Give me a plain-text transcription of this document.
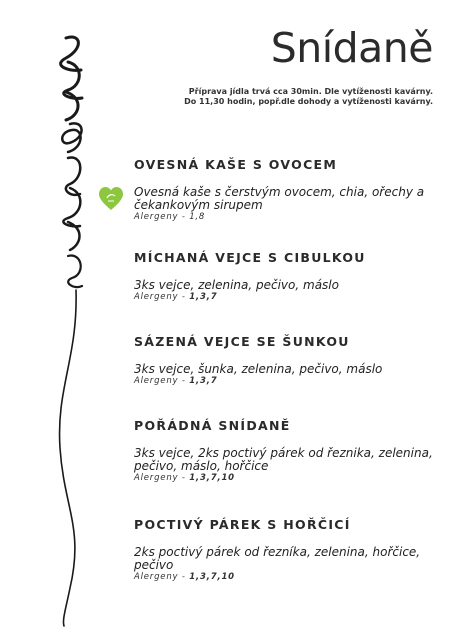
Snídaně
Příprava jídla trvá cca 30min. Dle vytíženosti kavárny.
Do 11,30 hodin, popř.dle dohody a vytíženosti kavárny.

OVESNÁ KAŠE S OVOCEM

Ovesná kaše s čerstvým ovocem, chia, ořechy a čekankovým sirupem

Alergeny - 1,8

MÍCHANÁ VEJCE S CIBULKOU

3ks vejce, zelenina, pečivo, máslo

Alergeny - 1,3,7

SÁZENÁ VEJCE SE ŠUNKOU

3ks vejce, šunka, zelenina, pečivo, máslo

Alergeny - 1,3,7

POŘÁDNÁ SNÍDANĚ

3ks vejce, 2ks poctivý párek od řeznika, zelenina, pečivo, máslo, hořčice

Alergeny - 1,3,7,10

POCTIVÝ PÁREK S HOŘČICÍ

2ks poctivý párek od řezníka, zelenina, hořčice, pečivo

Alergeny - 1,3,7,10
